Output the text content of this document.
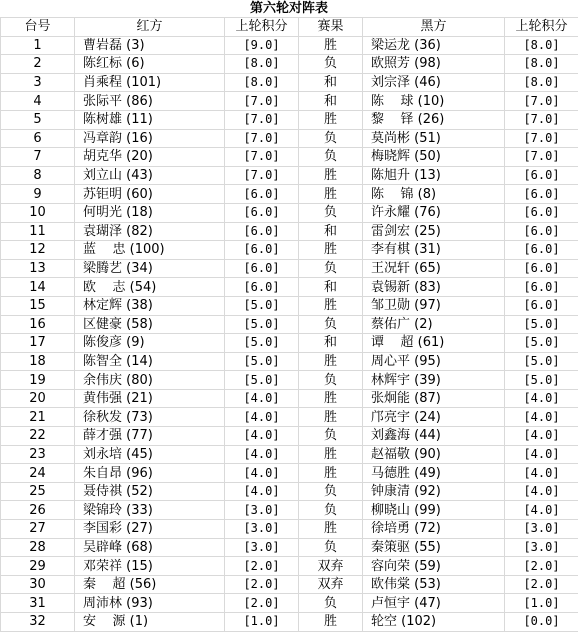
第六轮对阵表
台号	红方	上轮积分	赛果	黑方	上轮积分
1	曹岩磊 (3)	[9.0]	胜	梁运龙 (36)	[8.0]
2	陈红标 (6)	[8.0]	负	欧照芳 (98)	[8.0]
3	肖乘程 (101)	[8.0]	和	刘宗泽 (46)	[8.0]
4	张际平 (86)	[7.0]	和	陈    球 (10)	[7.0]
5	陈树雄 (11)	[7.0]	胜	黎    铎 (26)	[7.0]
6	冯章韵 (16)	[7.0]	负	莫尚彬 (51)	[7.0]
7	胡克华 (20)	[7.0]	负	梅晓辉 (50)	[7.0]
8	刘立山 (43)	[7.0]	胜	陈旭升 (13)	[6.0]
9	苏钜明 (60)	[6.0]	胜	陈    锦 (8)	[6.0]
10	何明光 (18)	[6.0]	负	许永耀 (76)	[6.0]
11	袁瑚泽 (82)	[6.0]	和	雷剑宏 (25)	[6.0]
12	蓝    忠 (100)	[6.0]	胜	李有棋 (31)	[6.0]
13	梁腾艺 (34)	[6.0]	负	王况轩 (65)	[6.0]
14	欧    志 (54)	[6.0]	和	袁锡新 (83)	[6.0]
15	林定辉 (38)	[5.0]	胜	邹卫勋 (97)	[6.0]
16	区健豪 (58)	[5.0]	负	蔡佑广 (2)	[5.0]
17	陈俊彦 (9)	[5.0]	和	谭    超 (61)	[5.0]
18	陈智全 (14)	[5.0]	胜	周心平 (95)	[5.0]
19	余伟庆 (80)	[5.0]	负	林辉宇 (39)	[5.0]
20	黄伟强 (21)	[4.0]	胜	张炯能 (87)	[4.0]
21	徐秋发 (73)	[4.0]	胜	邝亮宇 (24)	[4.0]
22	薛才强 (77)	[4.0]	负	刘鑫海 (44)	[4.0]
23	刘永培 (45)	[4.0]	胜	赵福敬 (90)	[4.0]
24	朱自昂 (96)	[4.0]	胜	马德胜 (49)	[4.0]
25	聂侍祺 (52)	[4.0]	负	钟康清 (92)	[4.0]
26	梁锦玲 (33)	[3.0]	负	柳晓山 (99)	[4.0]
27	李国彩 (27)	[3.0]	胜	徐培勇 (72)	[3.0]
28	吴辟峰 (68)	[3.0]	负	秦策驱 (55)	[3.0]
29	邓荣祥 (15)	[2.0]	双弃	容向荣 (59)	[2.0]
30	秦    超 (56)	[2.0]	双弃	欧伟棠 (53)	[2.0]
31	周沛林 (93)	[2.0]	负	卢恒宇 (47)	[1.0]
32	安    源 (1)	[1.0]	胜	轮空 (102)	[0.0]
